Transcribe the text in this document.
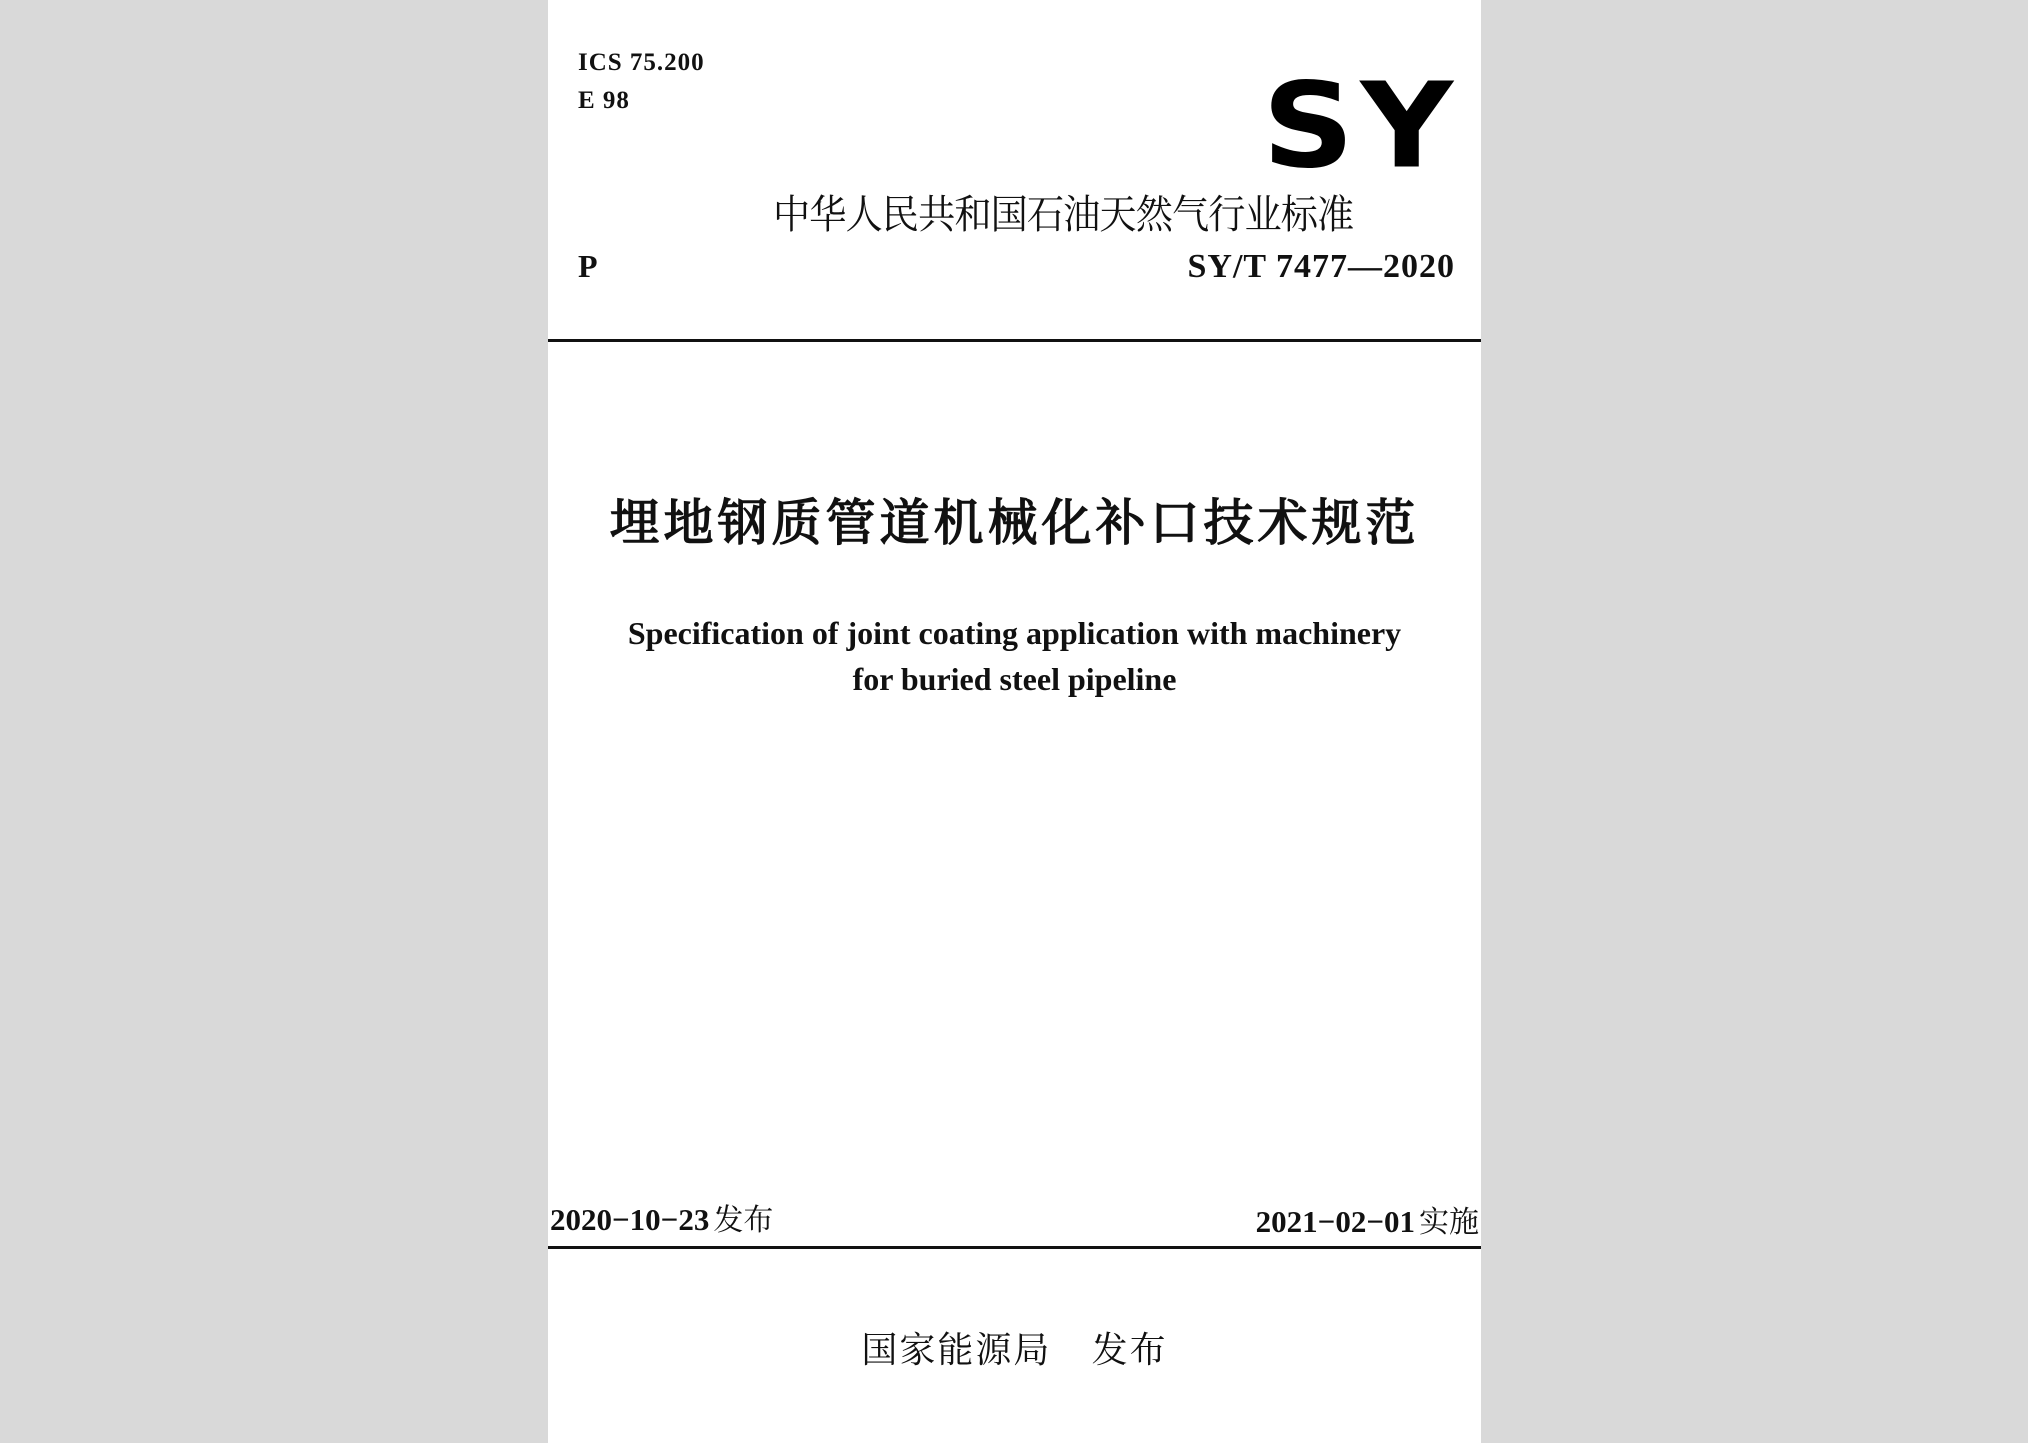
ICS 75.200
E 98	SY
中华人民共和国石油天然气行业标准
P	SY/T 7477—2020
埋地钢质管道机械化补口技术规范
Specification of joint coating application with machinery
for buried steel pipeline
2020−10−23 发布	2021−02−01 实施
国家能源局   发布
